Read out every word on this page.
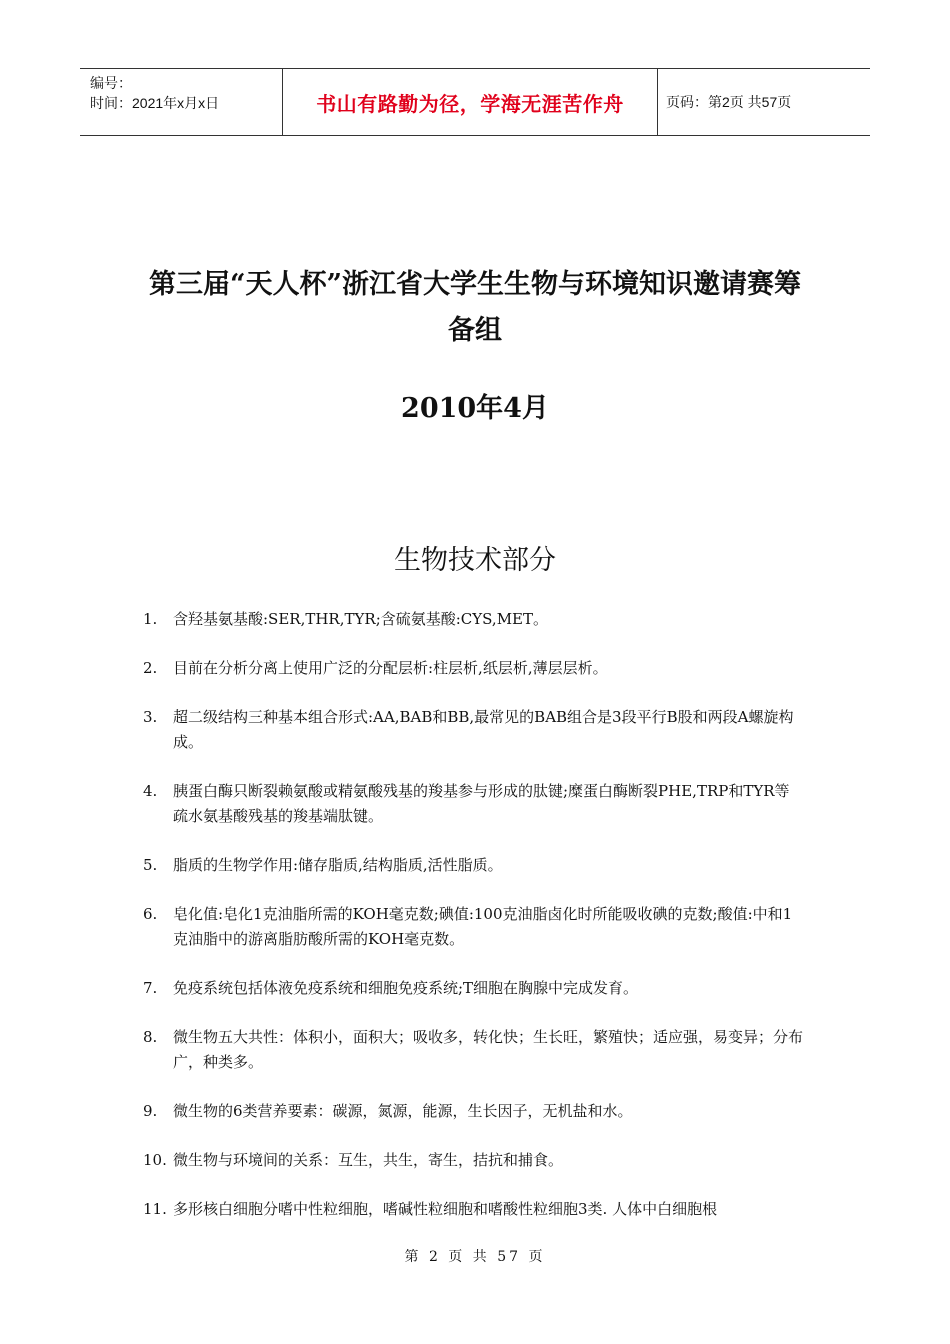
编号：
时间：2021年x月x日	书山有路勤为径，学海无涯苦作舟	页码：第2页 共57页
第三届“天人杯”浙江省大学生生物与环境知识邀请赛筹备组
2010年4月
生物技术部分
1.	含羟基氨基酸:SER,THR,TYR;含硫氨基酸:CYS,MET。
2.	目前在分析分离上使用广泛的分配层析:柱层析,纸层析,薄层层析。
3.	超二级结构三种基本组合形式:AA,BAB和BB,最常见的BAB组合是3段平行B股和两段A螺旋构成。
4.	胰蛋白酶只断裂赖氨酸或精氨酸残基的羧基参与形成的肽键;糜蛋白酶断裂PHE,TRP和TYR等疏水氨基酸残基的羧基端肽键。
5.	脂质的生物学作用:储存脂质,结构脂质,活性脂质。
6.	皂化值:皂化1克油脂所需的KOH毫克数;碘值:100克油脂卤化时所能吸收碘的克数;酸值:中和1克油脂中的游离脂肪酸所需的KOH毫克数。
7.	免疫系统包括体液免疫系统和细胞免疫系统;T细胞在胸腺中完成发育。
8.	微生物五大共性：体积小，面积大；吸收多，转化快；生长旺，繁殖快；适应强，易变异；分布广，种类多。
9.	微生物的6类营养要素：碳源，氮源，能源，生长因子，无机盐和水。
10. 微生物与环境间的关系：互生，共生，寄生，拮抗和捕食。
11. 多形核白细胞分嗜中性粒细胞，嗜碱性粒细胞和嗜酸性粒细胞3类. 人体中白细胞根
第 2 页 共 57 页
